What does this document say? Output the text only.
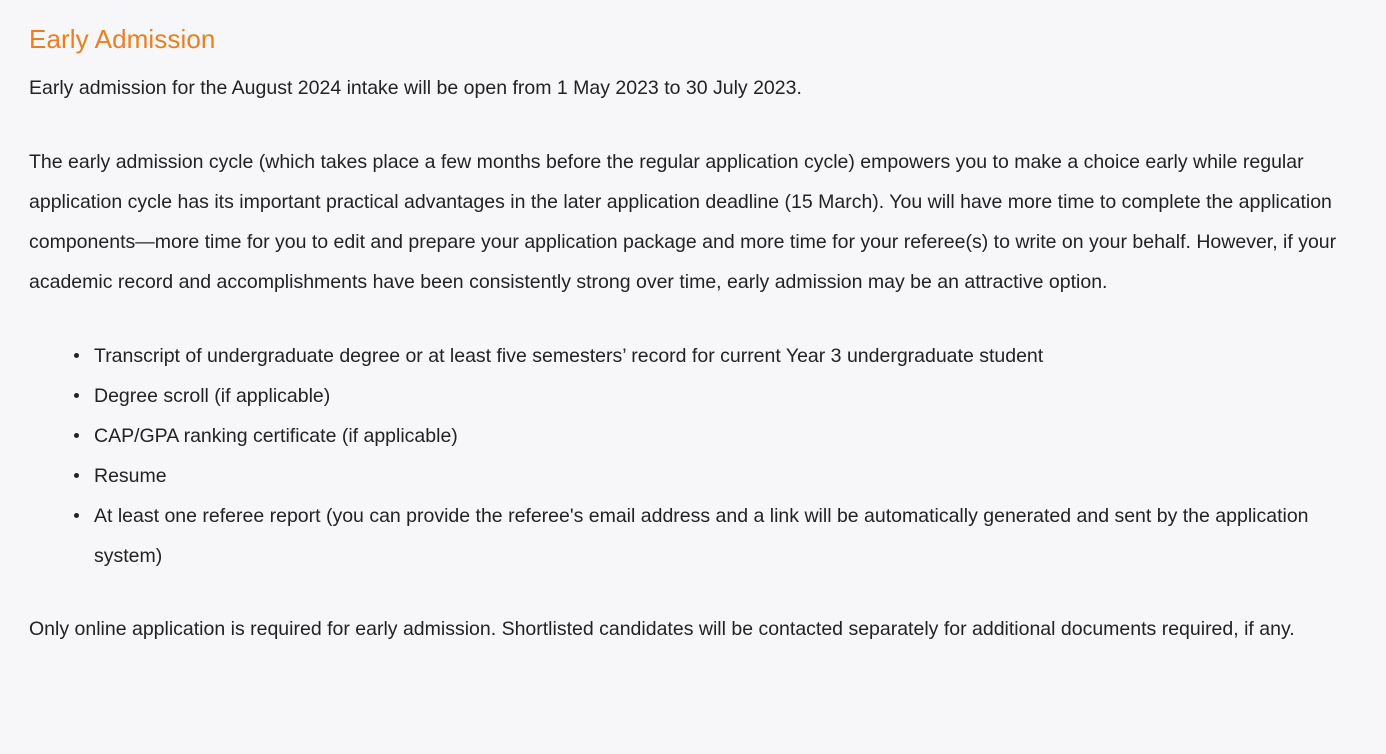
Early Admission

Early admission for the August 2024 intake will be open from 1 May 2023 to 30 July 2023.

The early admission cycle (which takes place a few months before the regular application cycle) empowers you to make a choice early while regular application cycle has its important practical advantages in the later application deadline (15 March). You will have more time to complete the application components—more time for you to edit and prepare your application package and more time for your referee(s) to write on your behalf. However, if your academic record and accomplishments have been consistently strong over time, early admission may be an attractive option.

Transcript of undergraduate degree or at least five semesters’ record for current Year 3 undergraduate student
Degree scroll (if applicable)
CAP/GPA ranking certificate (if applicable)
Resume
At least one referee report (you can provide the referee's email address and a link will be automatically generated and sent by the application system)

Only online application is required for early admission. Shortlisted candidates will be contacted separately for additional documents required, if any.
